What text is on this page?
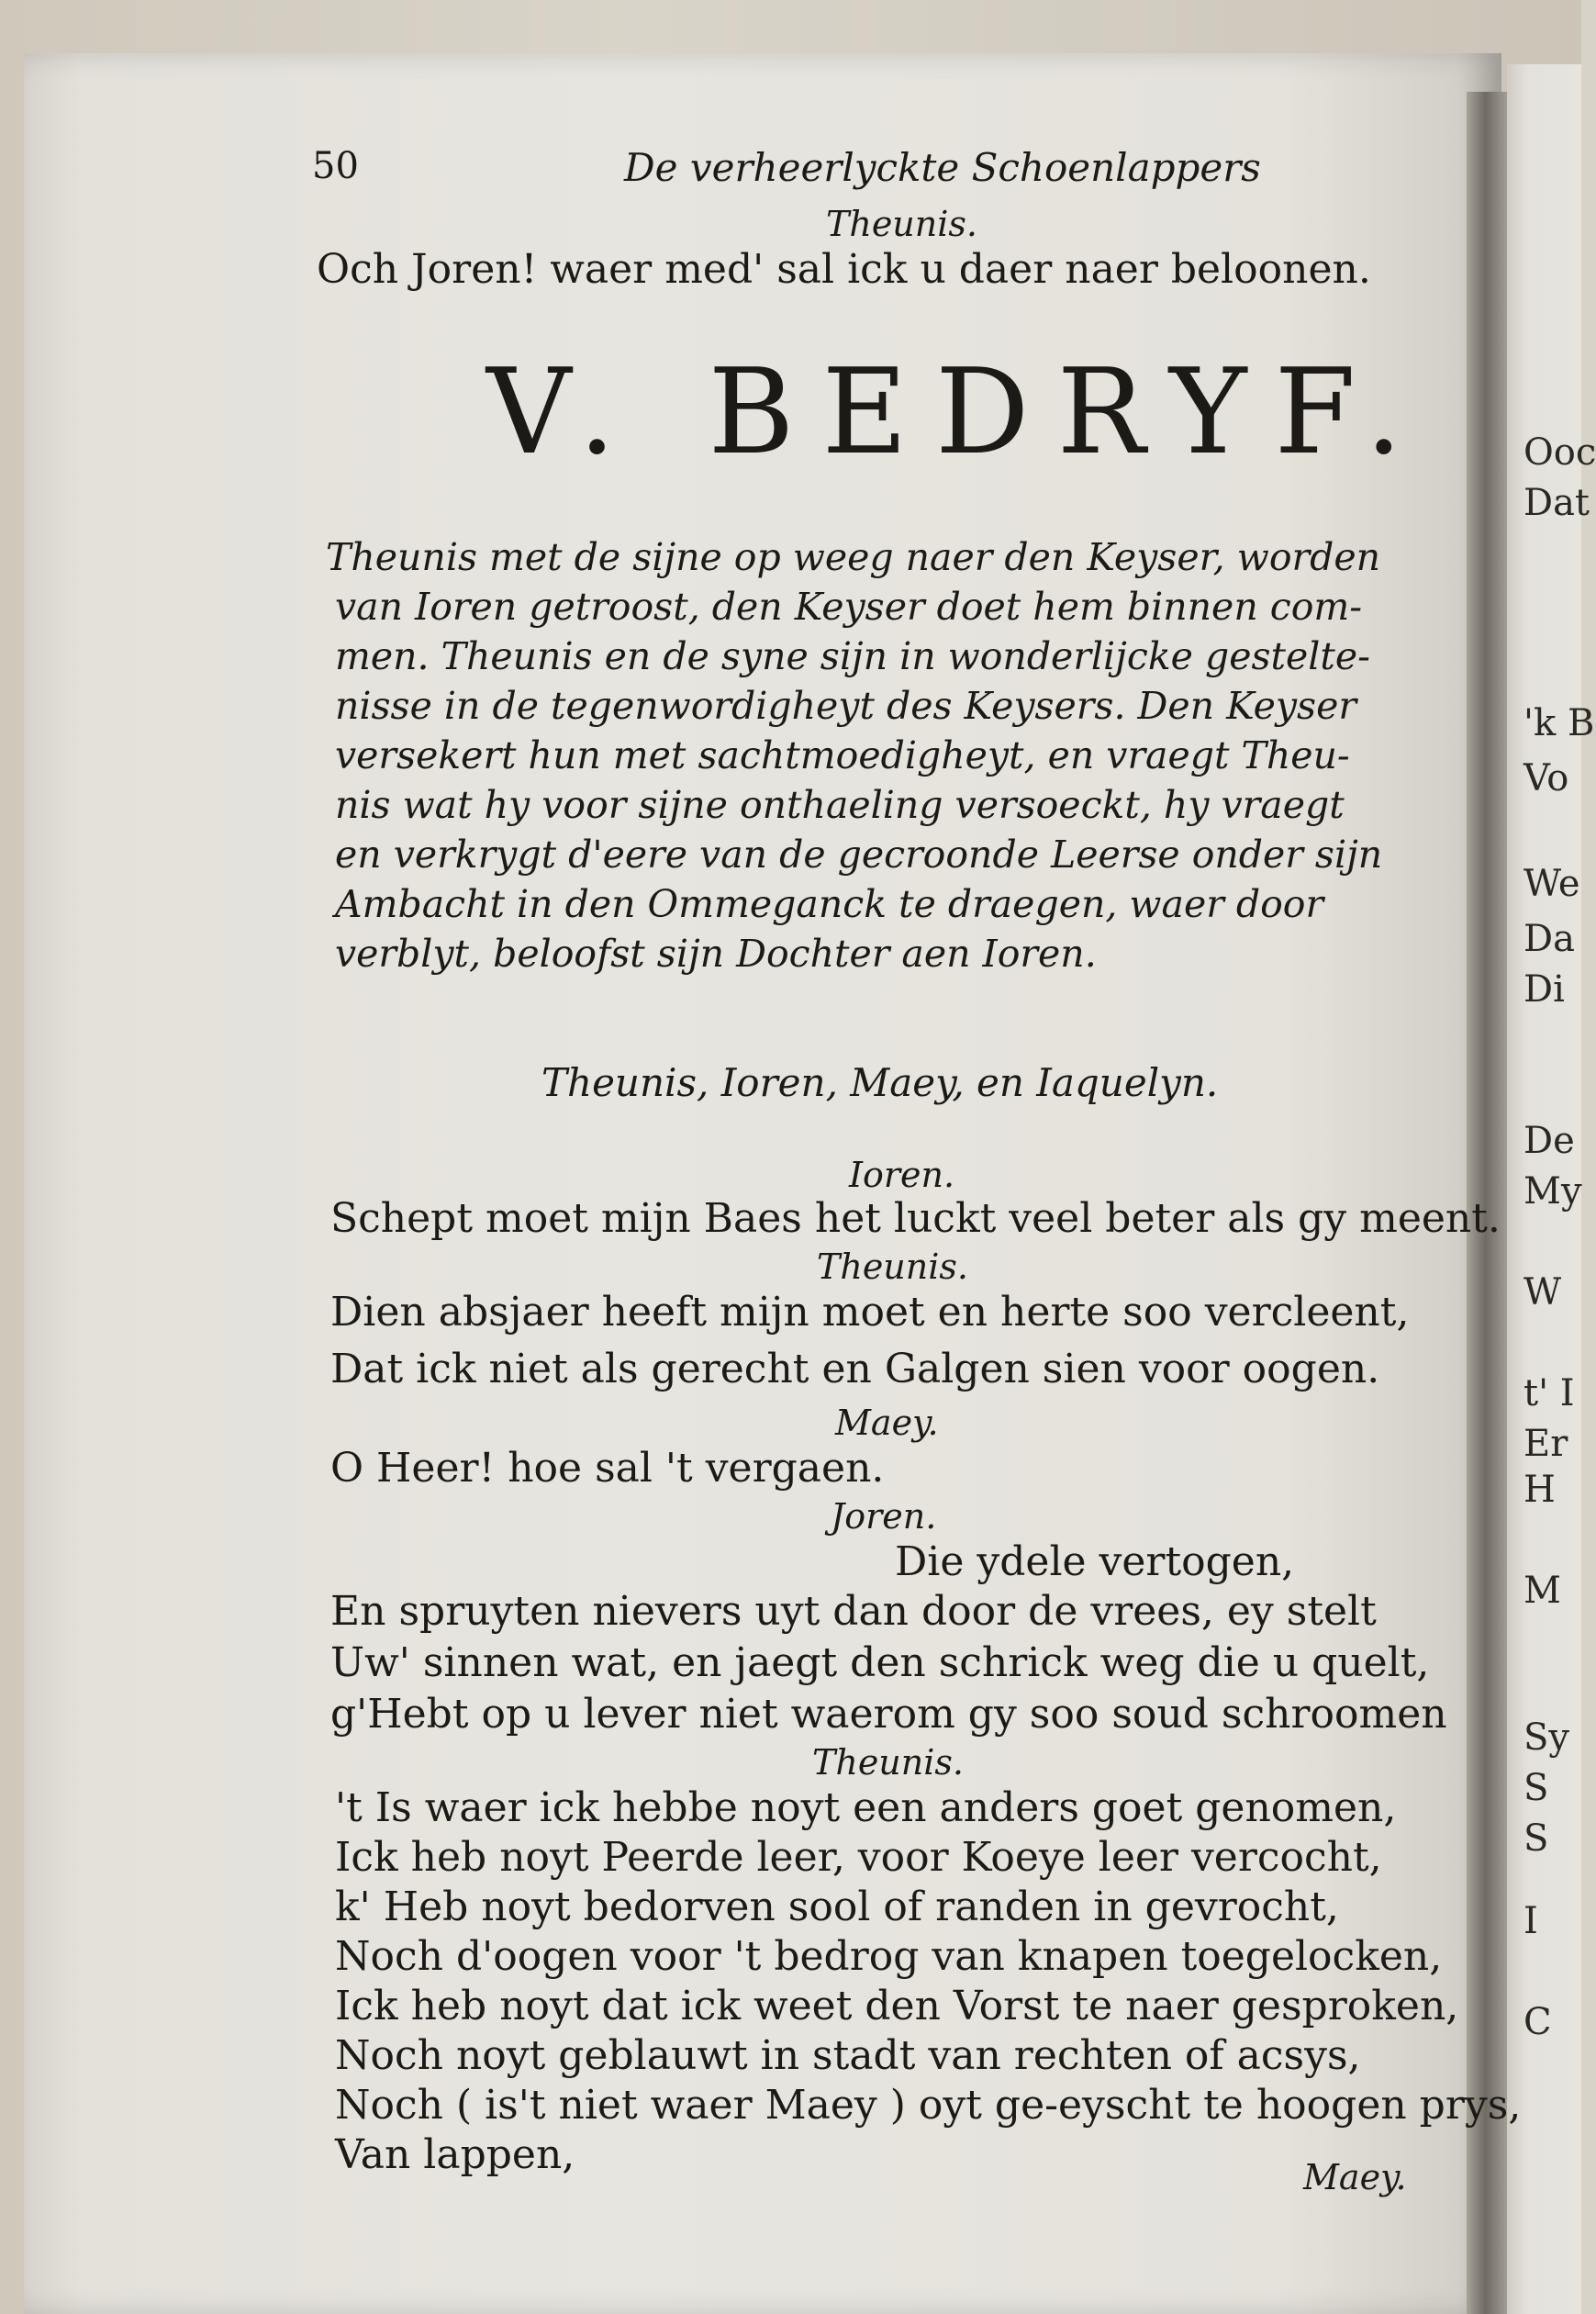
Ooc
Dat
'k B
Vo
We
Da
Di
De
My
W
t' I
Er
H
M
Sy
S
S
I
C
50	De verheerlyckte Schoenlappers
Theunis.
Och Joren! waer med' sal ick u daer naer beloonen.
V. BEDRYF.
Theunis met de sijne op weeg naer den Keyser, worden
van Ioren getroost, den Keyser doet hem binnen com-
men. Theunis en de syne sijn in wonderlijcke gestelte-
nisse in de tegenwordigheyt des Keysers. Den Keyser
versekert hun met sachtmoedigheyt, en vraegt Theu-
nis wat hy voor sijne onthaeling versoeckt, hy vraegt
en verkrygt d'eere van de gecroonde Leerse onder sijn
Ambacht in den Ommeganck te draegen, waer door
verblyt, beloofst sijn Dochter aen Ioren.
Theunis, Ioren, Maey, en Iaquelyn.
Ioren.
Schept moet mijn Baes het luckt veel beter als gy meent.
Theunis.
Dien absjaer heeft mijn moet en herte soo vercleent,
Dat ick niet als gerecht en Galgen sien voor oogen.
Maey.
O Heer! hoe sal 't vergaen.
Joren.
Die ydele vertogen,
En spruyten nievers uyt dan door de vrees, ey stelt
Uw' sinnen wat, en jaegt den schrick weg die u quelt,
g'Hebt op u lever niet waerom gy soo soud schroomen
Theunis.
't Is waer ick hebbe noyt een anders goet genomen,
Ick heb noyt Peerde leer, voor Koeye leer vercocht,
k' Heb noyt bedorven sool of randen in gevrocht,
Noch d'oogen voor 't bedrog van knapen toegelocken,
Ick heb noyt dat ick weet den Vorst te naer gesproken,
Noch noyt geblauwt in stadt van rechten of acsys,
Noch ( is't niet waer Maey ) oyt ge-eyscht te hoogen prys,
Van lappen,	Maey.
